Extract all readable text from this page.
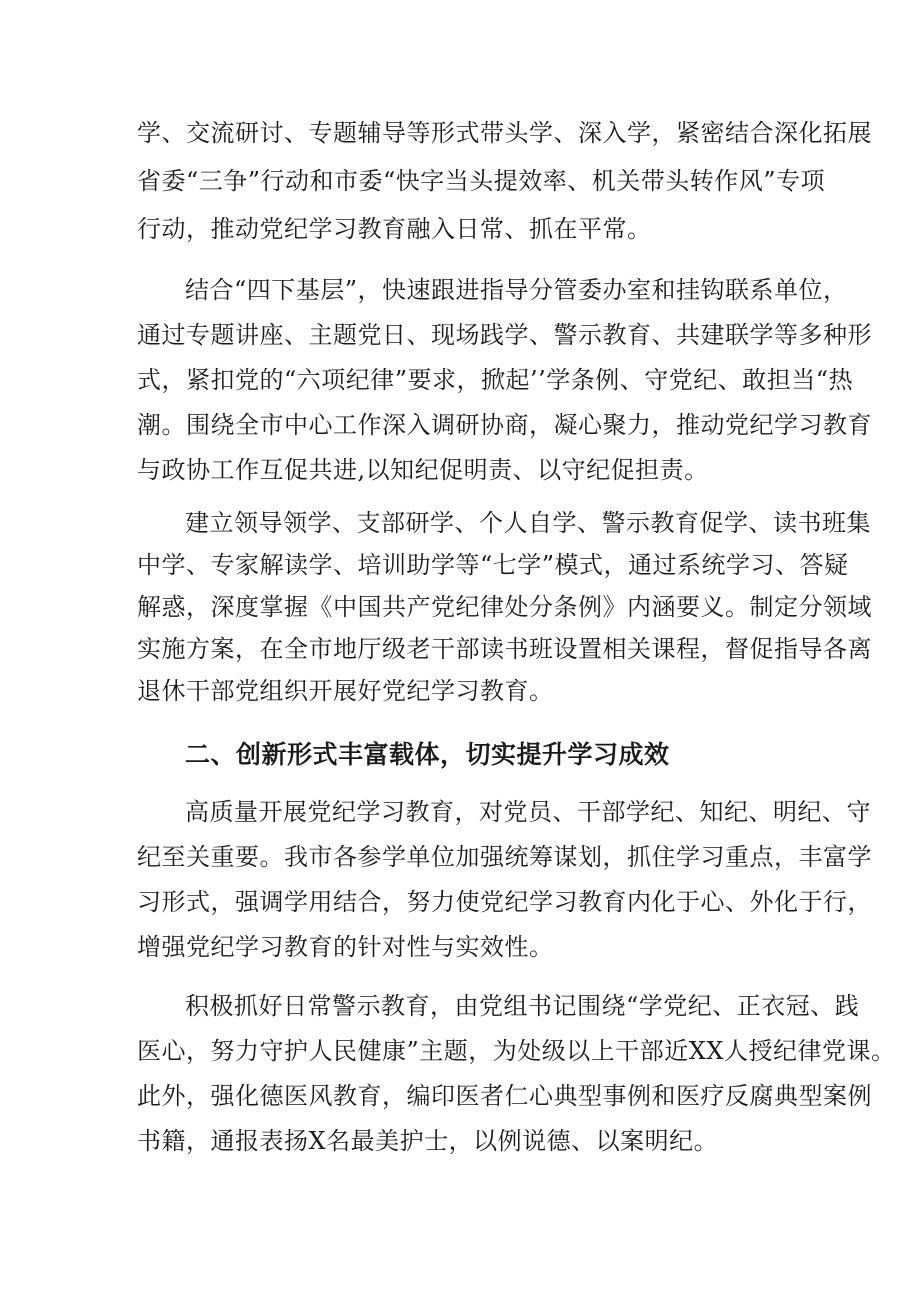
学、交流研讨、专题辅导等形式带头学、深入学，紧密结合深化拓展
省委“三争”行动和市委“快字当头提效率、机关带头转作风”专项
行动，推动党纪学习教育融入日常、抓在平常。
结合“四下基层”，快速跟进指导分管委办室和挂钩联系单位，
通过专题讲座、主题党日、现场践学、警示教育、共建联学等多种形
式，紧扣党的“六项纪律”要求，掀起’’学条例、守党纪、敢担当“热
潮。围绕全市中心工作深入调研协商，凝心聚力，推动党纪学习教育
与政协工作互促共进,以知纪促明责、以守纪促担责。
建立领导领学、支部研学、个人自学、警示教育促学、读书班集
中学、专家解读学、培训助学等“七学”模式，通过系统学习、答疑
解惑，深度掌握《中国共产党纪律处分条例》内涵要义。制定分领域
实施方案，在全市地厅级老干部读书班设置相关课程，督促指导各离
退休干部党组织开展好党纪学习教育。
二、创新形式丰富载体，切实提升学习成效
高质量开展党纪学习教育，对党员、干部学纪、知纪、明纪、守
纪至关重要。我市各参学单位加强统筹谋划，抓住学习重点，丰富学
习形式，强调学用结合，努力使党纪学习教育内化于心、外化于行，
增强党纪学习教育的针对性与实效性。
积极抓好日常警示教育，由党组书记围绕“学党纪、正衣冠、践
医心，努力守护人民健康”主题，为处级以上干部近XX人授纪律党课。
此外，强化德医风教育，编印医者仁心典型事例和医疗反腐典型案例
书籍，通报表扬X名最美护士，以例说德、以案明纪。
